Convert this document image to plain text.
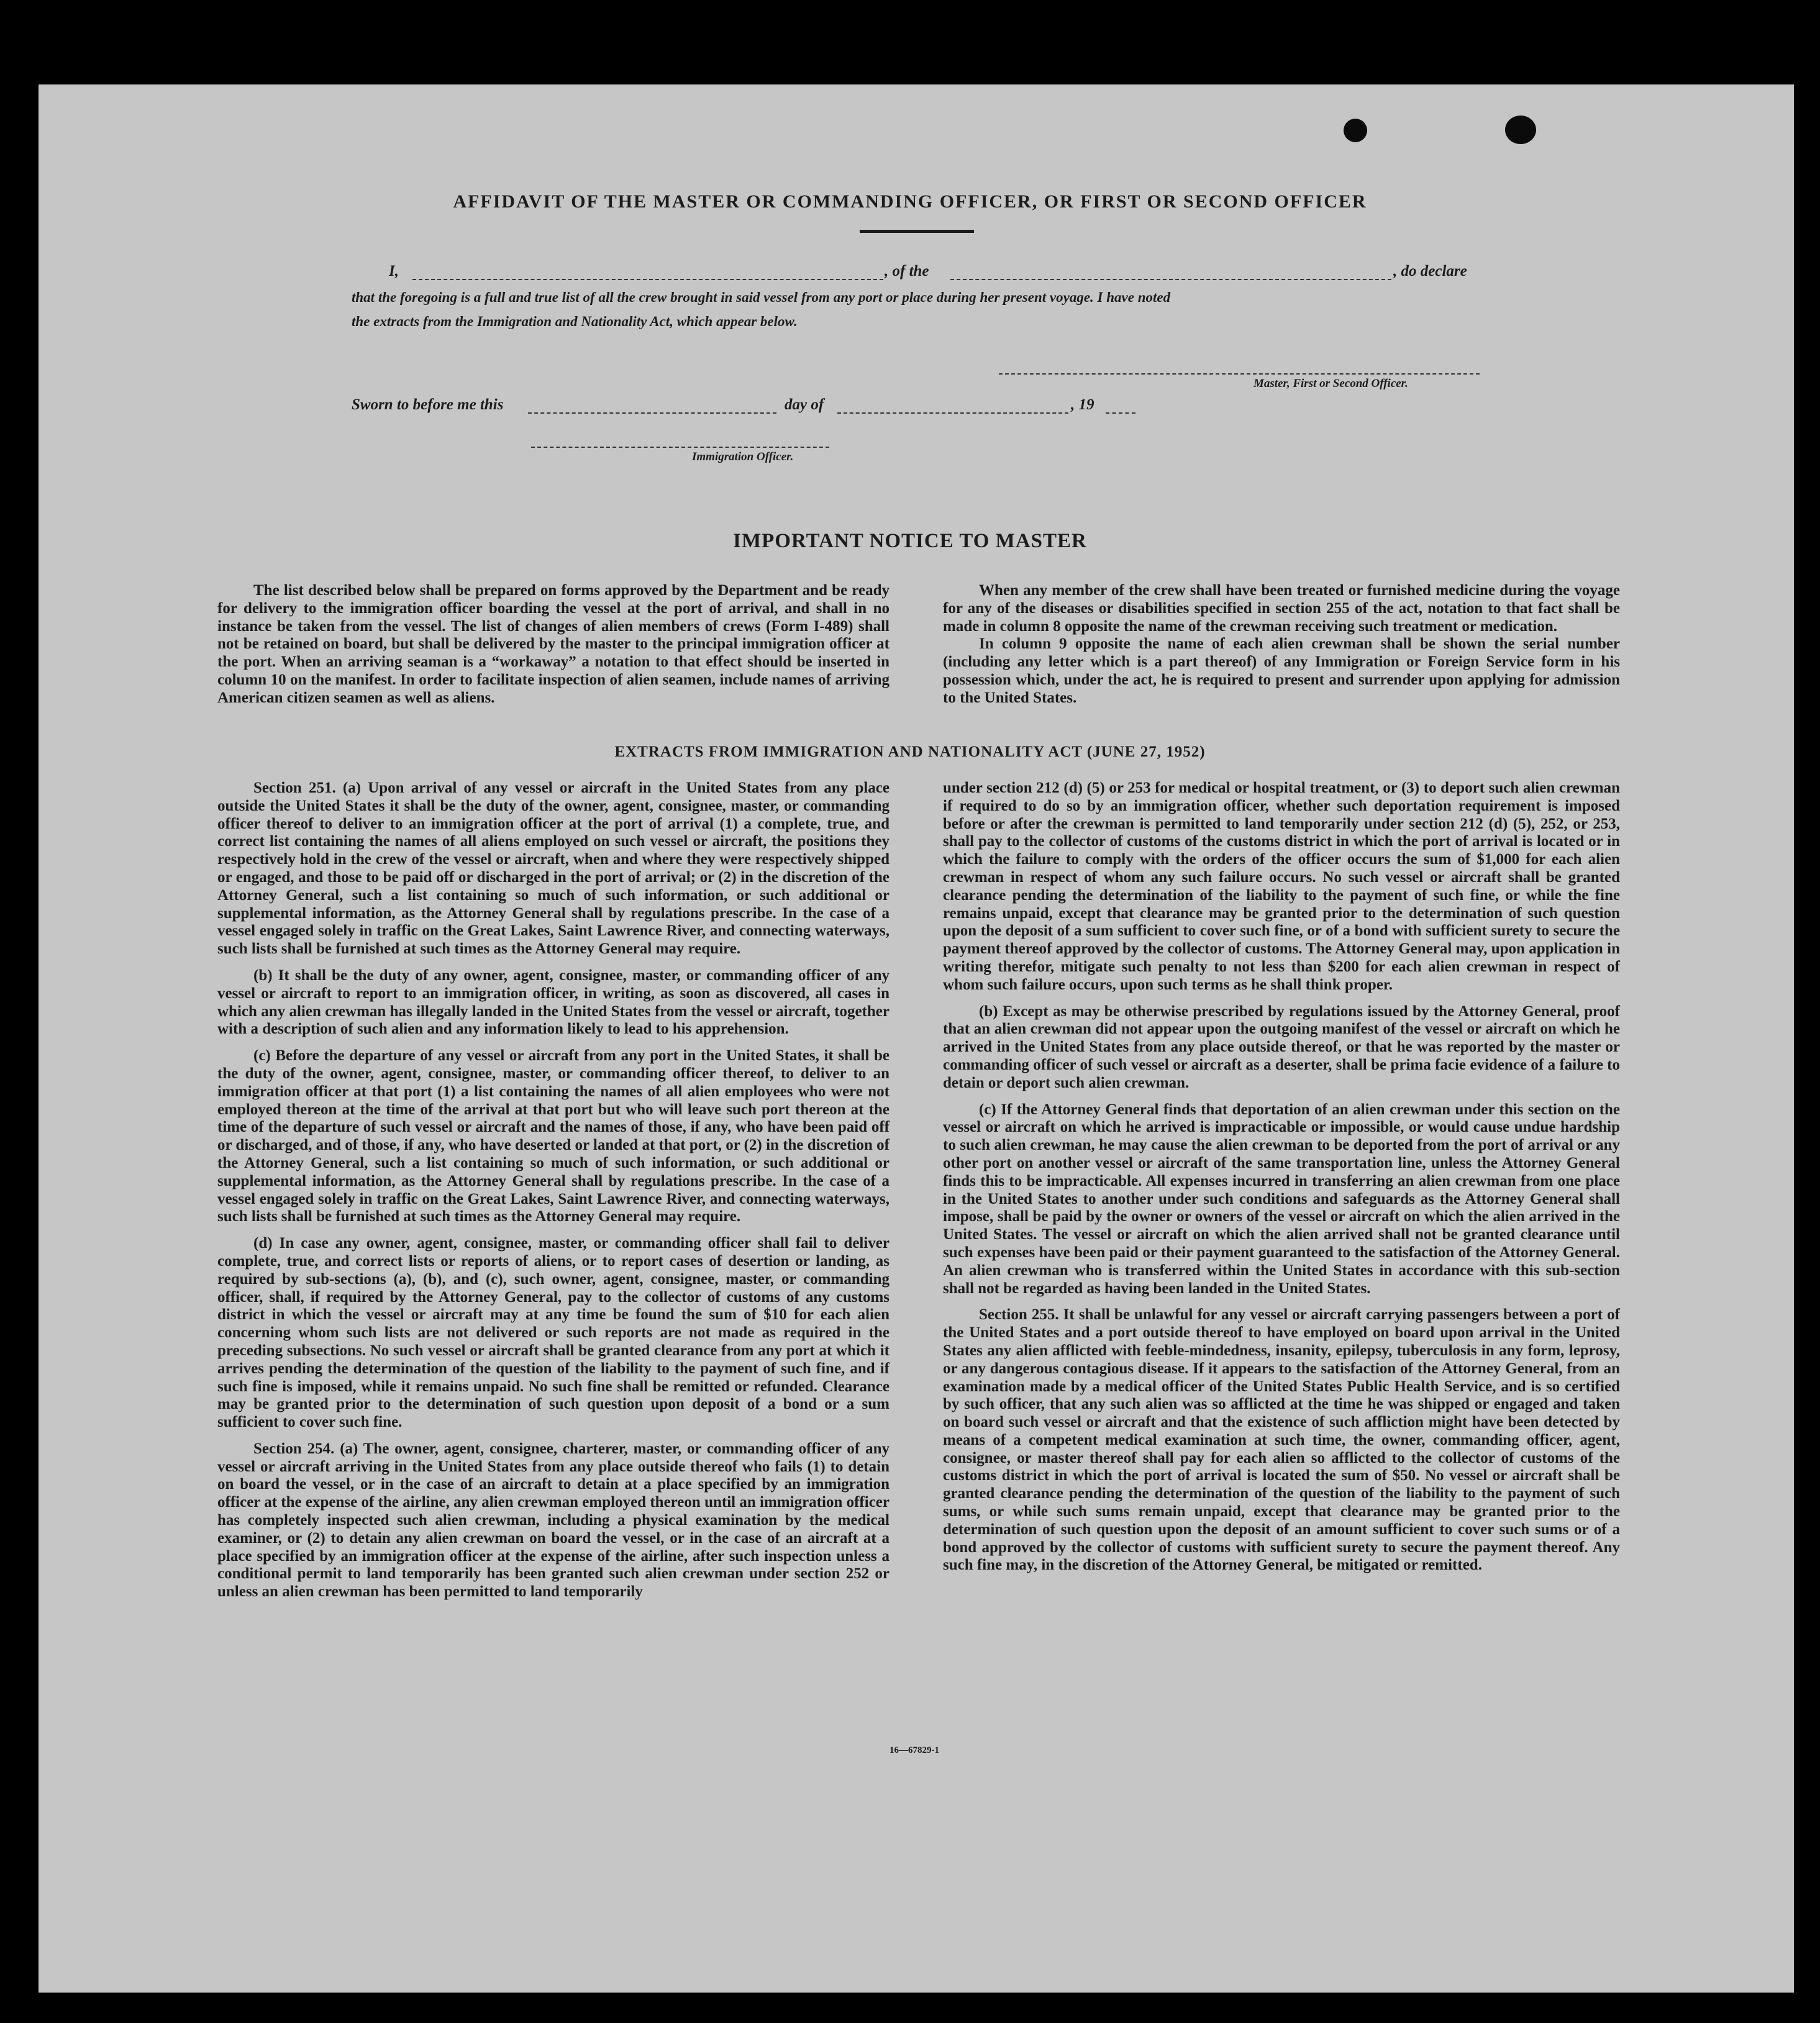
AFFIDAVIT OF THE MASTER OR COMMANDING OFFICER, OR FIRST OR SECOND OFFICER
I,	, of the	, do declare
that the foregoing is a full and true list of all the crew brought in said vessel from any port or place during her present voyage. I have noted
the extracts from the Immigration and Nationality Act, which appear below.
Master, First or Second Officer.
Sworn to before me this	day of	, 19
Immigration Officer.
IMPORTANT NOTICE TO MASTER

The list described below shall be prepared on forms approved by the Department and be ready for delivery to the immigration officer boarding the vessel at the port of arrival, and shall in no instance be taken from the vessel. The list of changes of alien members of crews (Form I-489) shall not be retained on board, but shall be delivered by the master to the principal immigration officer at the port. When an arriving seaman is a “workaway” a notation to that effect should be inserted in column 10 on the manifest. In order to facilitate inspection of alien seamen, include names of arriving American citizen seamen as well as aliens.

When any member of the crew shall have been treated or furnished medicine during the voyage for any of the diseases or disabilities specified in section 255 of the act, notation to that fact shall be made in column 8 opposite the name of the crewman receiving such treatment or medication.

In column 9 opposite the name of each alien crewman shall be shown the serial number (including any letter which is a part thereof) of any Immigration or Foreign Service form in his possession which, under the act, he is required to present and surrender upon applying for admission to the United States.

EXTRACTS FROM IMMIGRATION AND NATIONALITY ACT (JUNE 27, 1952)

Section 251. (a) Upon arrival of any vessel or aircraft in the United States from any place outside the United States it shall be the duty of the owner, agent, consignee, master, or commanding officer thereof to deliver to an immigration officer at the port of arrival (1) a complete, true, and correct list containing the names of all aliens employed on such vessel or aircraft, the positions they respectively hold in the crew of the vessel or aircraft, when and where they were respectively shipped or engaged, and those to be paid off or discharged in the port of arrival; or (2) in the discretion of the Attorney General, such a list containing so much of such information, or such additional or supplemental information, as the Attorney General shall by regulations prescribe. In the case of a vessel engaged solely in traffic on the Great Lakes, Saint Lawrence River, and connecting waterways, such lists shall be furnished at such times as the Attorney General may require.

(b) It shall be the duty of any owner, agent, consignee, master, or commanding officer of any vessel or aircraft to report to an immigration officer, in writing, as soon as discovered, all cases in which any alien crewman has illegally landed in the United States from the vessel or aircraft, together with a description of such alien and any information likely to lead to his apprehension.

(c) Before the departure of any vessel or aircraft from any port in the United States, it shall be the duty of the owner, agent, consignee, master, or commanding officer thereof, to deliver to an immigration officer at that port (1) a list containing the names of all alien employees who were not employed thereon at the time of the arrival at that port but who will leave such port thereon at the time of the departure of such vessel or aircraft and the names of those, if any, who have been paid off or discharged, and of those, if any, who have deserted or landed at that port, or (2) in the discretion of the Attorney General, such a list containing so much of such information, or such additional or supplemental information, as the Attorney General shall by regulations prescribe. In the case of a vessel engaged solely in traffic on the Great Lakes, Saint Lawrence River, and connecting waterways, such lists shall be furnished at such times as the Attorney General may require.

(d) In case any owner, agent, consignee, master, or commanding officer shall fail to deliver complete, true, and correct lists or reports of aliens, or to report cases of desertion or landing, as required by sub-sections (a), (b), and (c), such owner, agent, consignee, master, or commanding officer, shall, if required by the Attorney General, pay to the collector of customs of any customs district in which the vessel or aircraft may at any time be found the sum of $10 for each alien concerning whom such lists are not delivered or such reports are not made as required in the preceding subsections. No such vessel or aircraft shall be granted clearance from any port at which it arrives pending the determination of the question of the liability to the payment of such fine, and if such fine is imposed, while it remains unpaid. No such fine shall be remitted or refunded. Clearance may be granted prior to the determination of such question upon deposit of a bond or a sum sufficient to cover such fine.

Section 254. (a) The owner, agent, consignee, charterer, master, or commanding officer of any vessel or aircraft arriving in the United States from any place outside thereof who fails (1) to detain on board the vessel, or in the case of an aircraft to detain at a place specified by an immigration officer at the expense of the airline, any alien crewman employed thereon until an immigration officer has completely inspected such alien crewman, including a physical examination by the medical examiner, or (2) to detain any alien crewman on board the vessel, or in the case of an aircraft at a place specified by an immigration officer at the expense of the airline, after such inspection unless a conditional permit to land temporarily has been granted such alien crewman under section 252 or unless an alien crewman has been permitted to land temporarily

under section 212 (d) (5) or 253 for medical or hospital treatment, or (3) to deport such alien crewman if required to do so by an immigration officer, whether such deportation requirement is imposed before or after the crewman is permitted to land temporarily under section 212 (d) (5), 252, or 253, shall pay to the collector of customs of the customs district in which the port of arrival is located or in which the failure to comply with the orders of the officer occurs the sum of $1,000 for each alien crewman in respect of whom any such failure occurs. No such vessel or aircraft shall be granted clearance pending the determination of the liability to the payment of such fine, or while the fine remains unpaid, except that clearance may be granted prior to the determination of such question upon the deposit of a sum sufficient to cover such fine, or of a bond with sufficient surety to secure the payment thereof approved by the collector of customs. The Attorney General may, upon application in writing therefor, mitigate such penalty to not less than $200 for each alien crewman in respect of whom such failure occurs, upon such terms as he shall think proper.

(b) Except as may be otherwise prescribed by regulations issued by the Attorney General, proof that an alien crewman did not appear upon the outgoing manifest of the vessel or aircraft on which he arrived in the United States from any place outside thereof, or that he was reported by the master or commanding officer of such vessel or aircraft as a deserter, shall be prima facie evidence of a failure to detain or deport such alien crewman.

(c) If the Attorney General finds that deportation of an alien crewman under this section on the vessel or aircraft on which he arrived is impracticable or impossible, or would cause undue hardship to such alien crewman, he may cause the alien crewman to be deported from the port of arrival or any other port on another vessel or aircraft of the same transportation line, unless the Attorney General finds this to be impracticable. All expenses incurred in transferring an alien crewman from one place in the United States to another under such conditions and safeguards as the Attorney General shall impose, shall be paid by the owner or owners of the vessel or aircraft on which the alien arrived in the United States. The vessel or aircraft on which the alien arrived shall not be granted clearance until such expenses have been paid or their payment guaranteed to the satisfaction of the Attorney General. An alien crewman who is transferred within the United States in accordance with this sub-section shall not be regarded as having been landed in the United States.

Section 255. It shall be unlawful for any vessel or aircraft carrying passengers between a port of the United States and a port outside thereof to have employed on board upon arrival in the United States any alien afflicted with feeble-mindedness, insanity, epilepsy, tuberculosis in any form, leprosy, or any dangerous contagious disease. If it appears to the satisfaction of the Attorney General, from an examination made by a medical officer of the United States Public Health Service, and is so certified by such officer, that any such alien was so afflicted at the time he was shipped or engaged and taken on board such vessel or aircraft and that the existence of such affliction might have been detected by means of a competent medical examination at such time, the owner, commanding officer, agent, consignee, or master thereof shall pay for each alien so afflicted to the collector of customs of the customs district in which the port of arrival is located the sum of $50. No vessel or aircraft shall be granted clearance pending the determination of the question of the liability to the payment of such sums, or while such sums remain unpaid, except that clearance may be granted prior to the determination of such question upon the deposit of an amount sufficient to cover such sums or of a bond approved by the collector of customs with sufficient surety to secure the payment thereof. Any such fine may, in the discretion of the Attorney General, be mitigated or remitted.

16—67829-1
